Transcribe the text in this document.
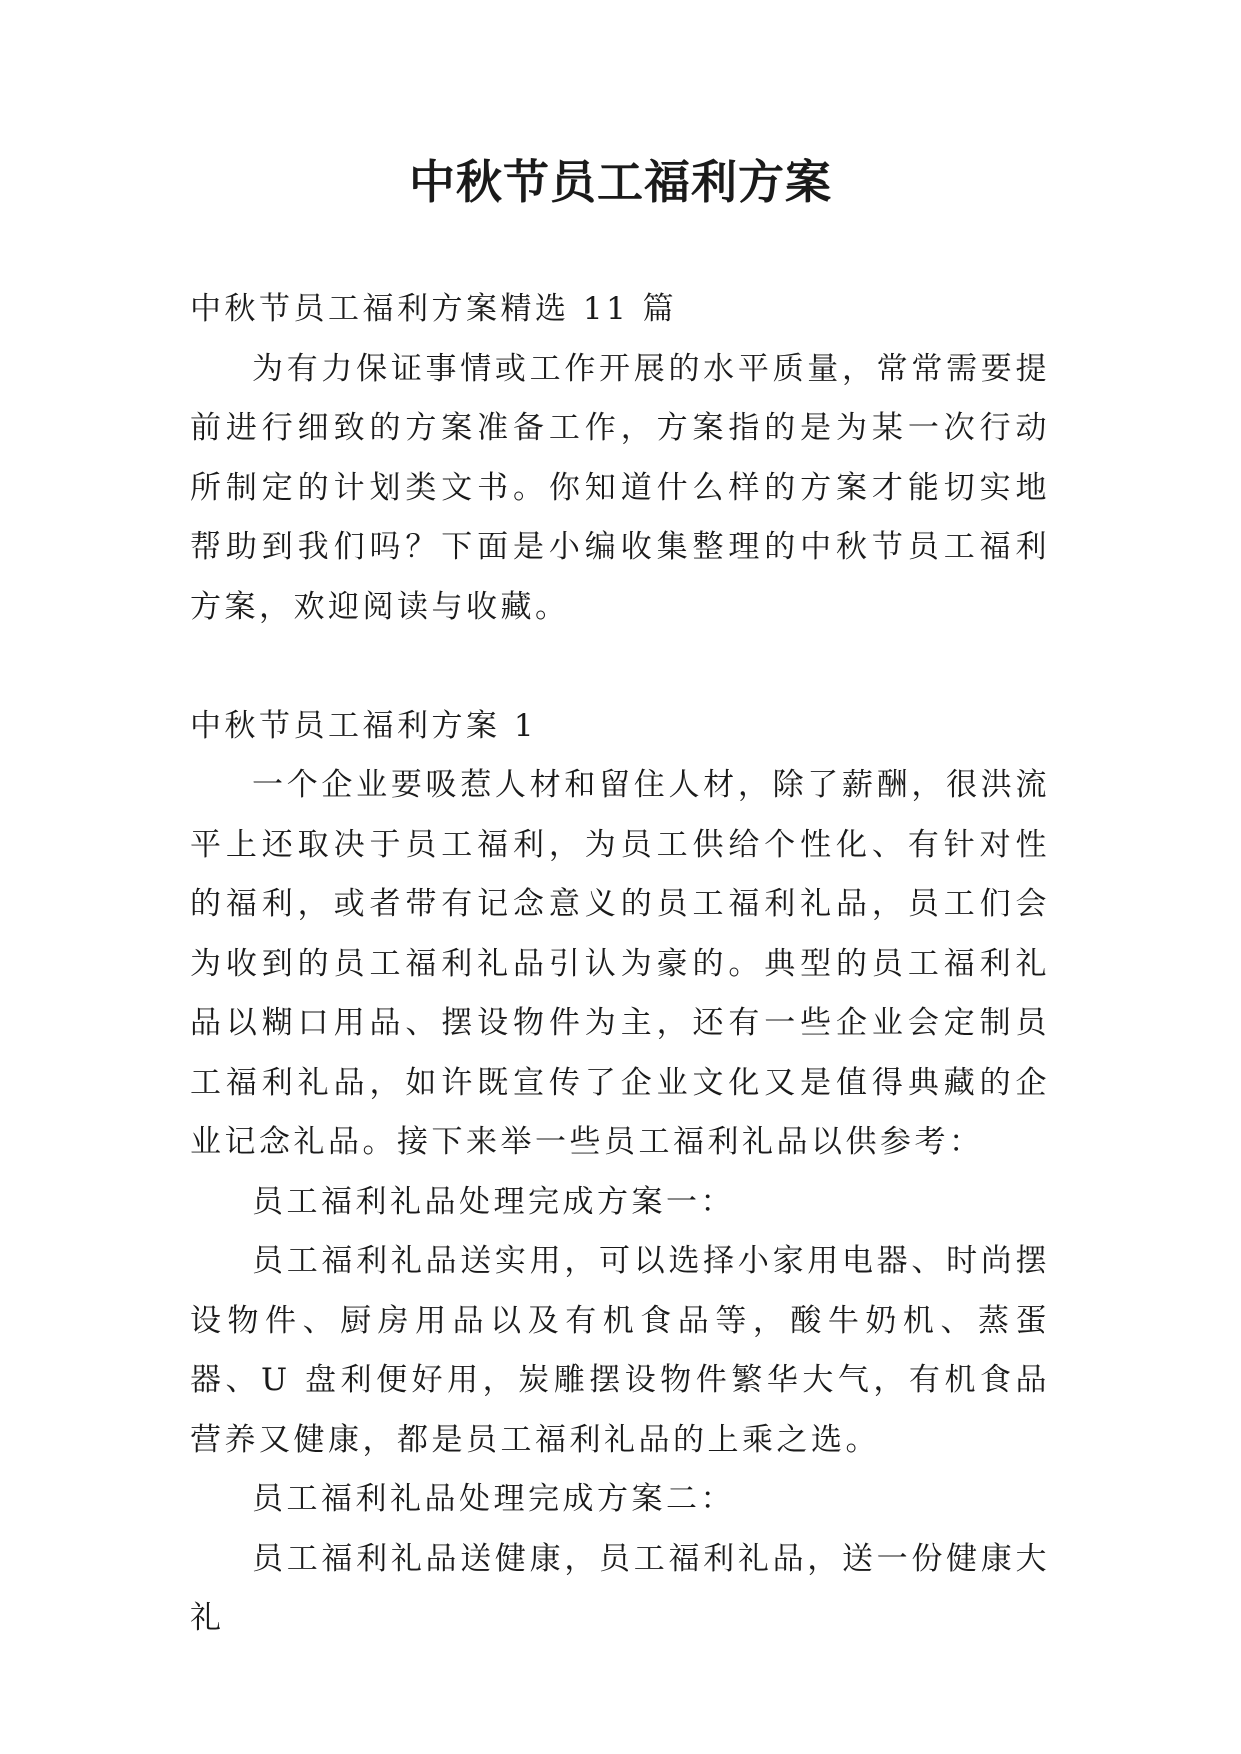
中秋节员工福利方案

中秋节员工福利方案精选 11 篇

为有力保证事情或工作开展的水平质量，常常需要提前进行细致的方案准备工作，方案指的是为某一次行动所制定的计划类文书。你知道什么样的方案才能切实地帮助到我们吗？下面是小编收集整理的中秋节员工福利方案，欢迎阅读与收藏。

中秋节员工福利方案 1

一个企业要吸惹人材和留住人材，除了薪酬，很洪流平上还取决于员工福利，为员工供给个性化、有针对性的福利，或者带有记念意义的员工福利礼品，员工们会为收到的员工福利礼品引认为豪的。典型的员工福利礼品以糊口用品、摆设物件为主，还有一些企业会定制员工福利礼品，如许既宣传了企业文化又是值得典藏的企业记念礼品。接下来举一些员工福利礼品以供参考：

员工福利礼品处理完成方案一：

员工福利礼品送实用，可以选择小家用电器、时尚摆设物件、厨房用品以及有机食品等，酸牛奶机、蒸蛋器、U 盘利便好用，炭雕摆设物件繁华大气，有机食品营养又健康，都是员工福利礼品的上乘之选。

员工福利礼品处理完成方案二：

员工福利礼品送健康，员工福利礼品，送一份健康大礼
